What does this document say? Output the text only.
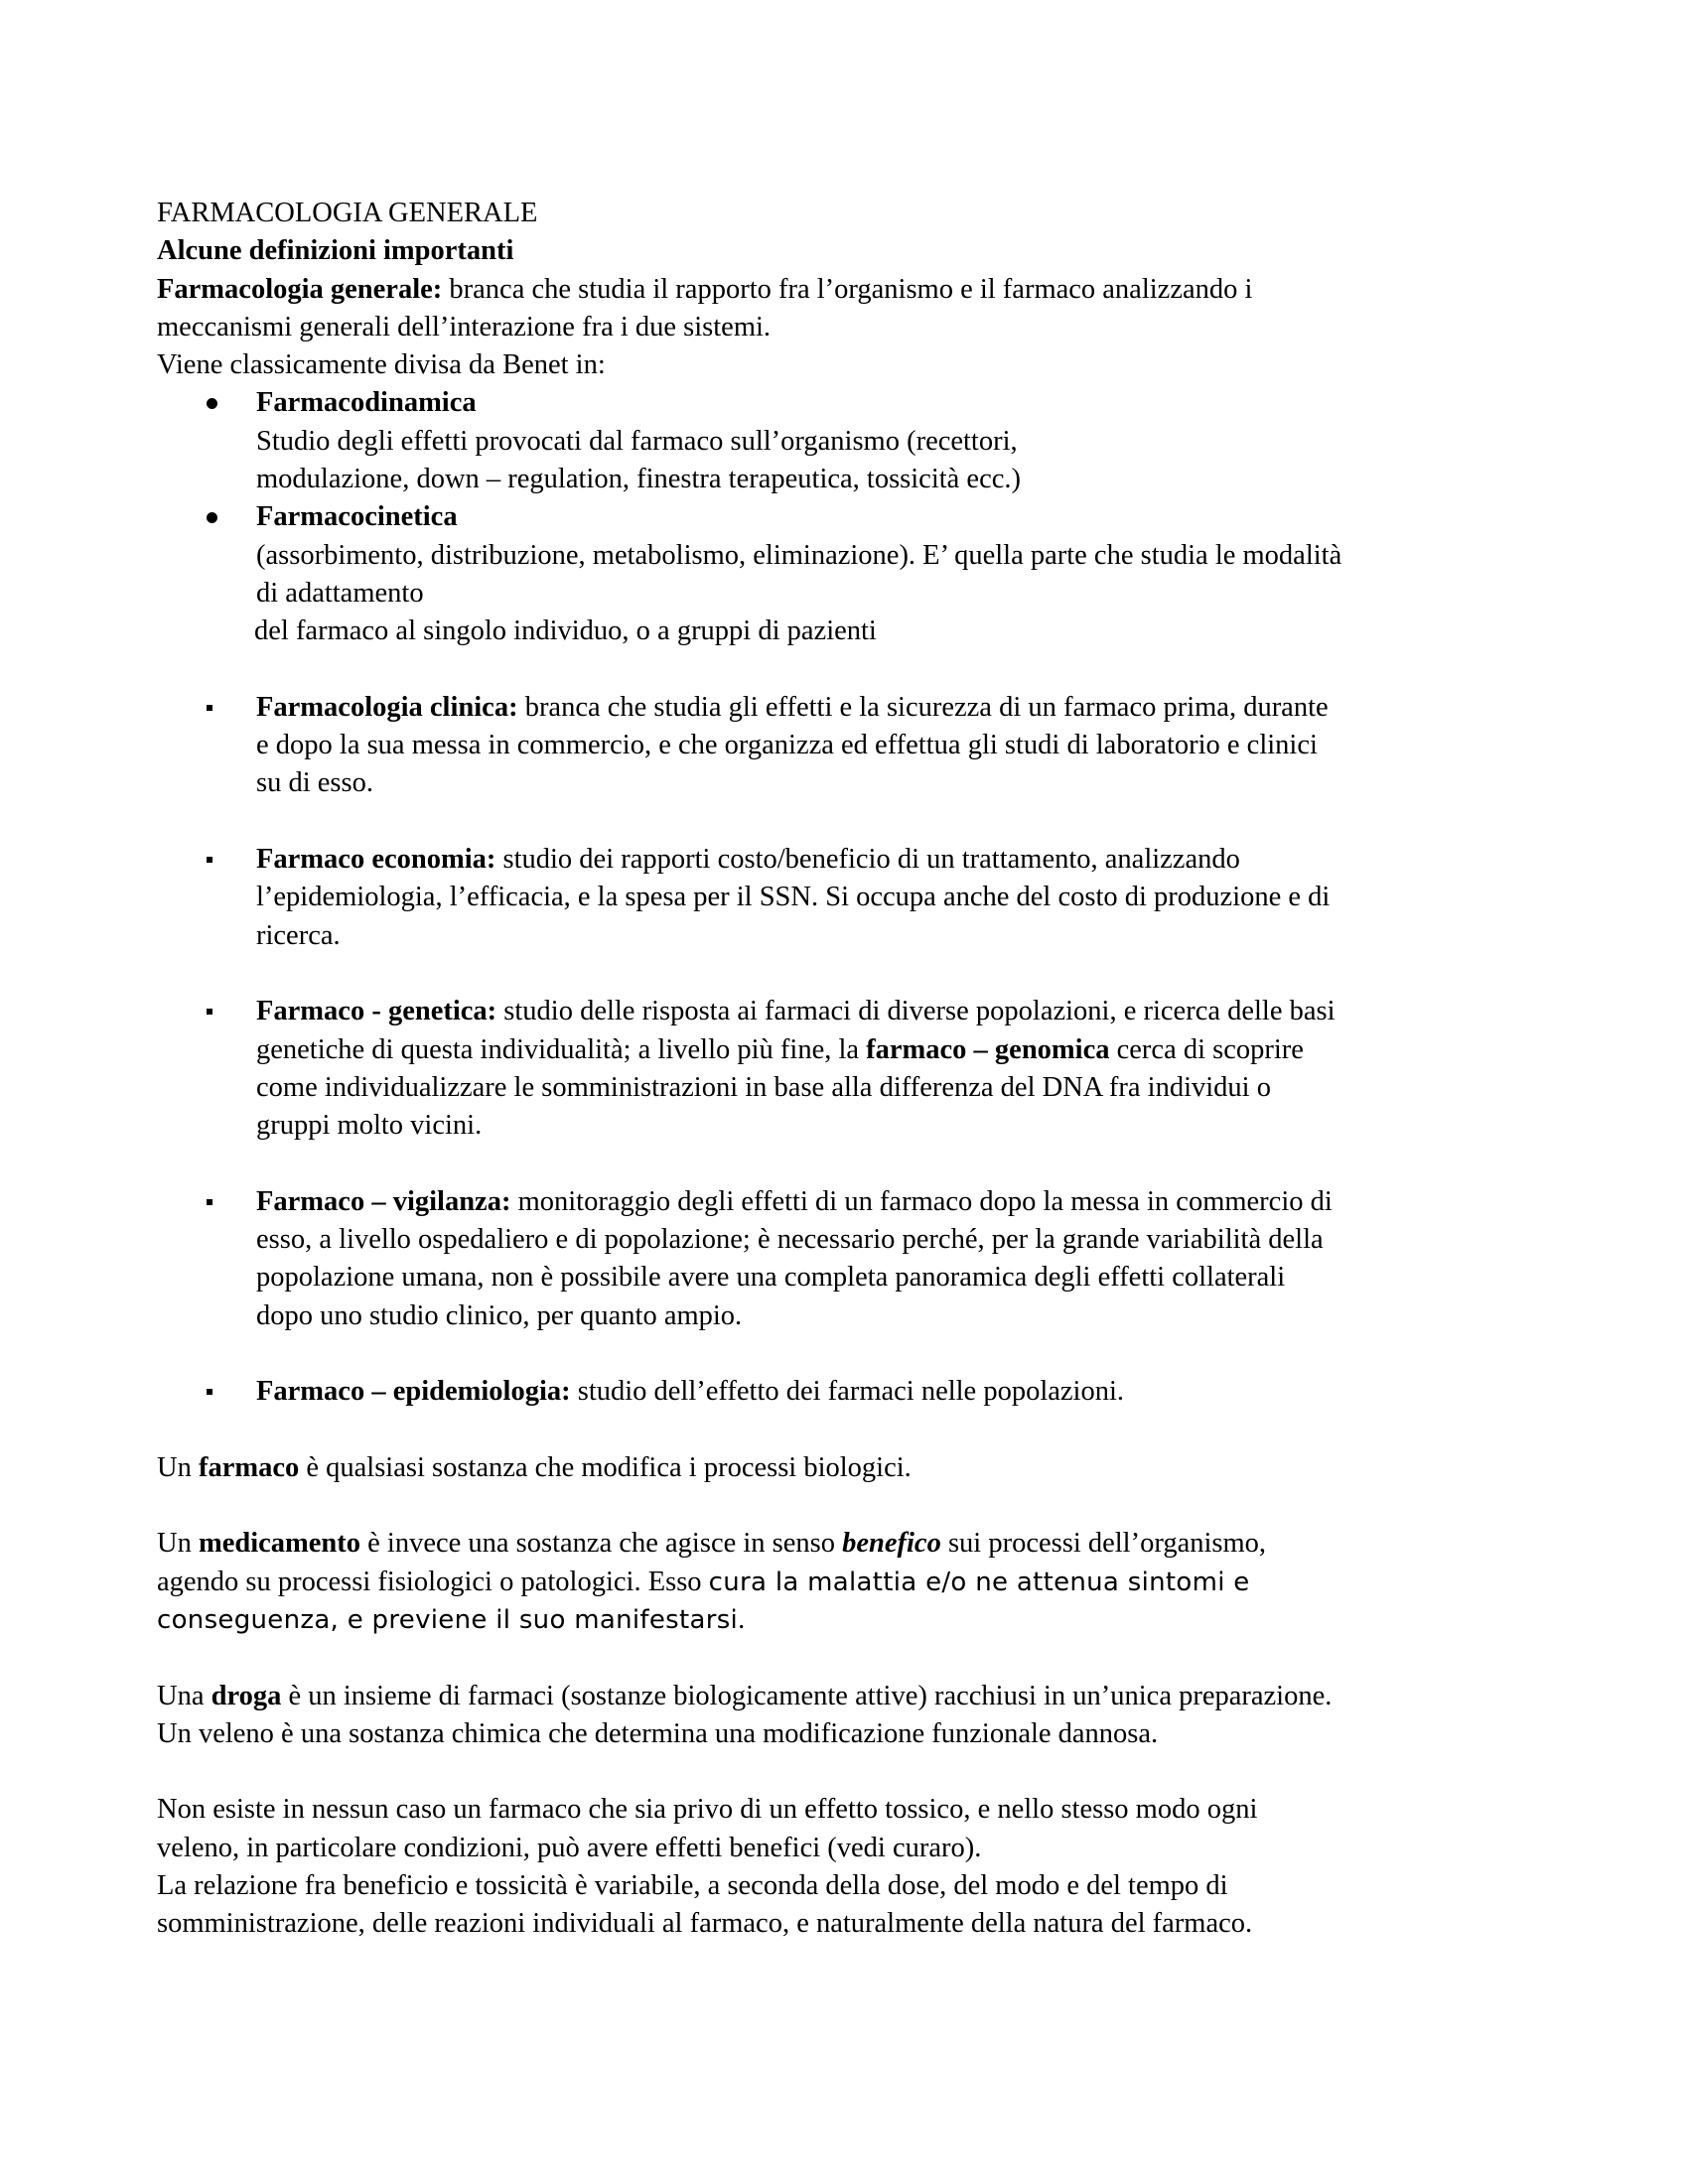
FARMACOLOGIA GENERALE
Alcune definizioni importanti
Farmacologia generale: branca che studia il rapporto fra l’organismo e il farmaco analizzando i
meccanismi generali dell’interazione fra i due sistemi.
Viene classicamente divisa da Benet in:
Farmacodinamica
Studio degli effetti provocati dal farmaco sull’organismo (recettori,
modulazione, down – regulation, finestra terapeutica, tossicità ecc.)
Farmacocinetica
(assorbimento, distribuzione, metabolismo, eliminazione). E’ quella parte che studia le modalità
di adattamento
del farmaco al singolo individuo, o a gruppi di pazienti
Farmacologia clinica: branca che studia gli effetti e la sicurezza di un farmaco prima, durante
e dopo la sua messa in commercio, e che organizza ed effettua gli studi di laboratorio e clinici
su di esso.
Farmaco economia: studio dei rapporti costo/beneficio di un trattamento, analizzando
l’epidemiologia, l’efficacia, e la spesa per il SSN. Si occupa anche del costo di produzione e di
ricerca.
Farmaco - genetica: studio delle risposta ai farmaci di diverse popolazioni, e ricerca delle basi
genetiche di questa individualità; a livello più fine, la farmaco – genomica cerca di scoprire
come individualizzare le somministrazioni in base alla differenza del DNA fra individui o
gruppi molto vicini.
Farmaco – vigilanza: monitoraggio degli effetti di un farmaco dopo la messa in commercio di
esso, a livello ospedaliero e di popolazione; è necessario perché, per la grande variabilità della
popolazione umana, non è possibile avere una completa panoramica degli effetti collaterali
dopo uno studio clinico, per quanto ampio.
Farmaco – epidemiologia: studio dell’effetto dei farmaci nelle popolazioni.
Un farmaco è qualsiasi sostanza che modifica i processi biologici.
Un medicamento è invece una sostanza che agisce in senso benefico sui processi dell’organismo,
agendo su processi fisiologici o patologici. Esso cura la malattia e/o ne attenua sintomi e
conseguenza, e previene il suo manifestarsi.
Una droga è un insieme di farmaci (sostanze biologicamente attive) racchiusi in un’unica preparazione.
Un veleno è una sostanza chimica che determina una modificazione funzionale dannosa.
Non esiste in nessun caso un farmaco che sia privo di un effetto tossico, e nello stesso modo ogni
veleno, in particolare condizioni, può avere effetti benefici (vedi curaro).
La relazione fra beneficio e tossicità è variabile, a seconda della dose, del modo e del tempo di
somministrazione, delle reazioni individuali al farmaco, e naturalmente della natura del farmaco.
